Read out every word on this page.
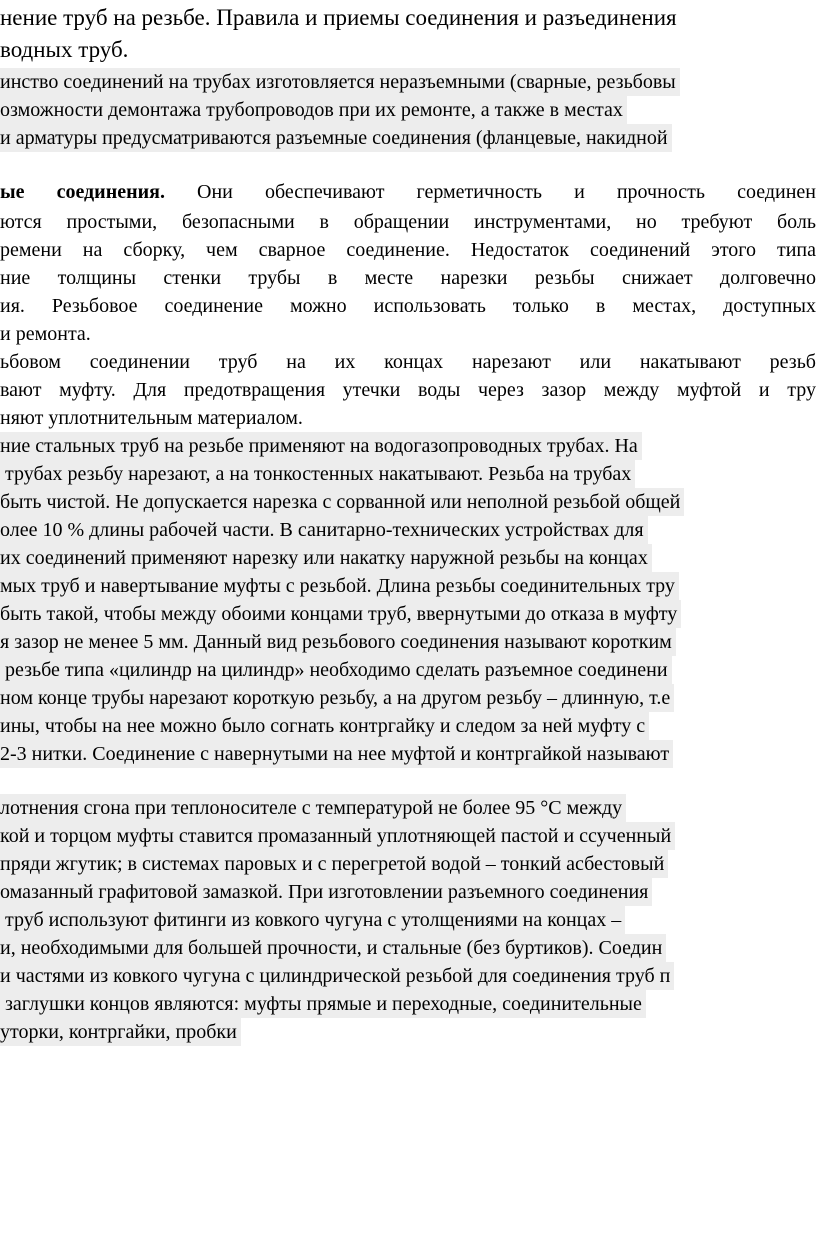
нение труб на резьбе. Правила и приемы соединения и разъединения
водных труб.
инство соединений на трубах изготовляется неразъемными (сварные, резьбовы
озможности демонтажа трубопроводов при их ремонте, а также в местах
и арматуры предусматриваются разъемные соединения (фланцевые, накидной
ые соединения. Они обеспечивают герметичность и прочность соединен
ются простыми, безопасными в обращении инструментами, но требуют боль
ремени на сборку, чем сварное соединение. Недостаток соединений этого типа
ние толщины стенки трубы в месте нарезки резьбы снижает долговечно
ия. Резьбовое соединение можно использовать только в местах, доступных
и ремонта.
ьбовом соединении труб на их концах нарезают или накатывают резьб
вают муфту. Для предотвращения утечки воды через зазор между муфтой и тру
няют уплотнительным материалом.
ние стальных труб на резьбе применяют на водогазопроводных трубах. На
трубах резьбу нарезают, а на тонкостенных накатывают. Резьба на трубах
быть чистой. Не допускается нарезка с сорванной или неполной резьбой общей
олее 10 % длины рабочей части. В санитарно-технических устройствах для
их соединений применяют нарезку или накатку наружной резьбы на концах
мых труб и навертывание муфты с резьбой. Длина резьбы соединительных тру
быть такой, чтобы между обоими концами труб, ввернутыми до отказа в муфту
я зазор не менее 5 мм. Данный вид резьбового соединения называют коротким
резьбе типа «цилиндр на цилиндр» необходимо сделать разъемное соединени
ном конце трубы нарезают короткую резьбу, а на другом резьбу – длинную, т.е
ины, чтобы на нее можно было согнать контргайку и следом за ней муфту с
2-3 нитки. Соединение с навернутыми на нее муфтой и контргайкой называют
лотнения сгона при теплоносителе с температурой не более 95 °С между
кой и торцом муфты ставится промазанный уплотняющей пастой и ссученный
пряди жгутик; в системах паровых и с перегретой водой – тонкий асбестовый
омазанный графитовой замазкой. При изготовлении разъемного соединения
труб используют фитинги из ковкого чугуна с утолщениями на концах –
и, необходимыми для большей прочности, и стальные (без буртиков). Соедин
и частями из ковкого чугуна с цилиндрической резьбой для соединения труб п
заглушки концов являются: муфты прямые и переходные, соединительные
уторки, контргайки, пробки
